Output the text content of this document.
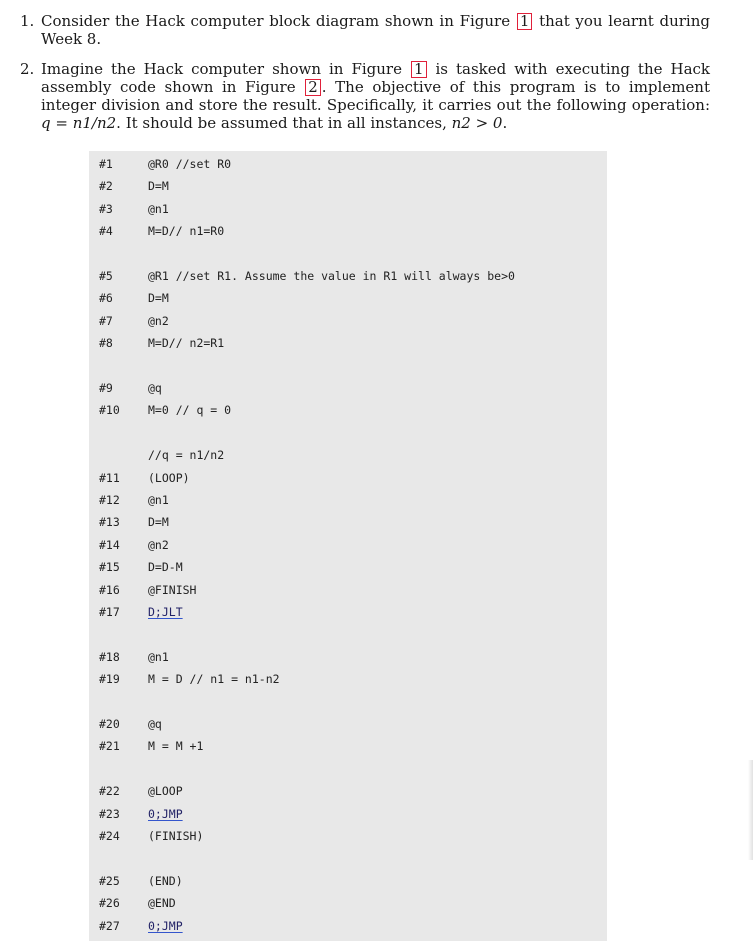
1. Consider the Hack computer block diagram shown in Figure 1 that you learnt during Week 8.
2. Imagine the Hack computer shown in Figure 1 is tasked with executing the Hack assembly code shown in Figure 2 . The objective of this program is to implement integer division and store the result. Specifically, it carries out the following operation: q = n1/n2. It should be assumed that in all instances, n2 > 0.
#1	@R0 //set R0
#2	D=M
#3	@n1
#4	M=D// n1=R0
#5	@R1 //set R1. Assume the value in R1 will always be>0
#6	D=M
#7	@n2
#8	M=D// n2=R1
#9	@q
#10	M=0 // q = 0
//q = n1/n2
#11	(LOOP)
#12	@n1
#13	D=M
#14	@n2
#15	D=D-M
#16	@FINISH
#17	D;JLT
#18	@n1
#19	M = D // n1 = n1-n2
#20	@q
#21	M = M +1
#22	@LOOP
#23	0;JMP
#24	(FINISH)
#25	(END)
#26	@END
#27	0;JMP
